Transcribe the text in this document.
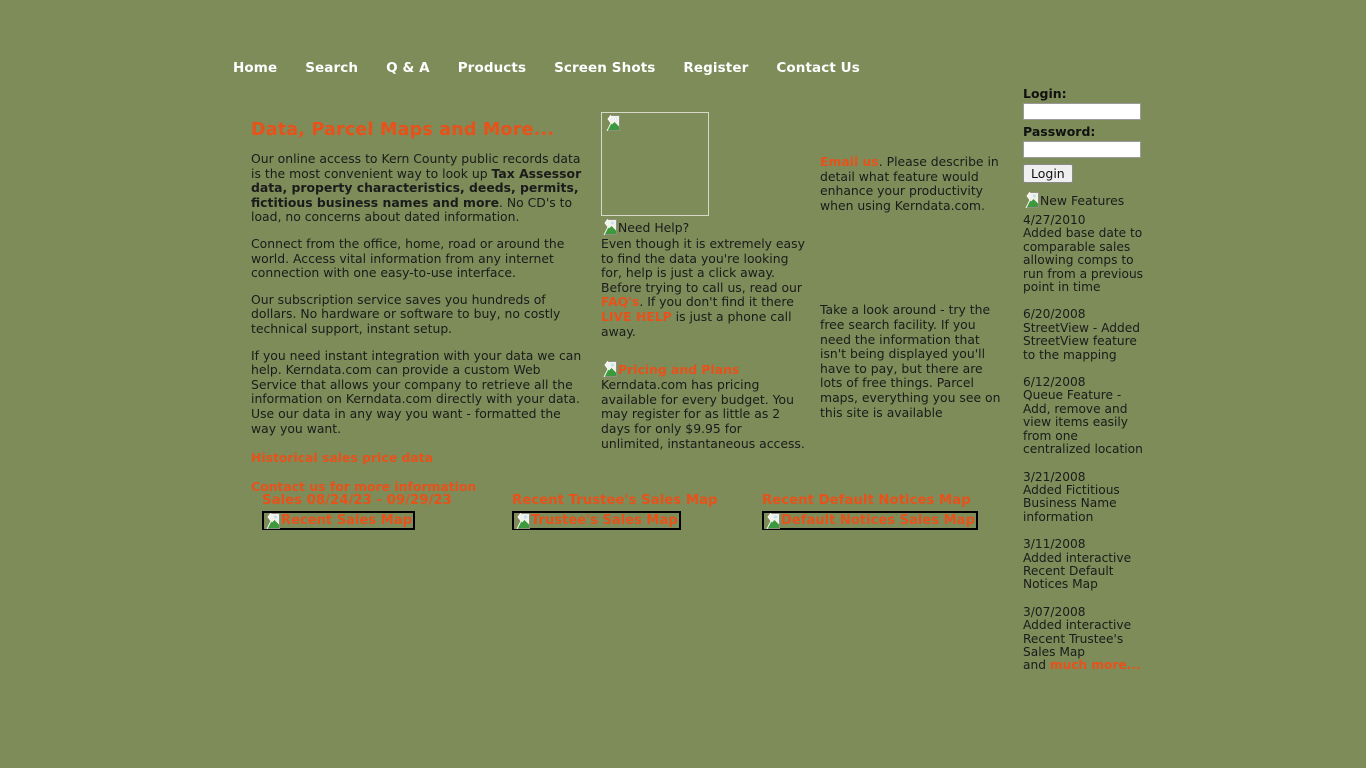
Home Search Q & A Products Screen Shots Register Contact Us
Data, Parcel Maps and More...

Our online access to Kern County public records data is the most convenient way to look up Tax Assessor data, property characteristics, deeds, permits, fictitious business names and more. No CD's to load, no concerns about dated information.

Connect from the office, home, road or around the world. Access vital information from any internet connection with one easy-to-use interface.

Our subscription service saves you hundreds of dollars. No hardware or software to buy, no costly technical support, instant setup.

If you need instant integration with your data we can help. Kerndata.com can provide a custom Web Service that allows your company to retrieve all the information on Kerndata.com directly with your data. Use our data in any way you want - formatted the way you want.

Historical sales price data
Contact us for more information
Need Help?

Even though it is extremely easy to find the data you're looking for, help is just a click away. Before trying to call us, read our FAQ's. If you don't find it there LIVE HELP is just a phone call away.

Pricing and Plans

Kerndata.com has pricing available for every budget. You may register for as little as 2 days for only $9.95 for unlimited, instantaneous access.

Email us. Please describe in detail what feature would enhance your productivity when using Kerndata.com.

Take a look around - try the free search facility. If you need the information that isn't being displayed you'll have to pay, but there are lots of free things. Parcel maps, everything you see on this site is available

Login:
Password:
Login
New Features
4/27/2010
Added base date to comparable sales allowing comps to run from a previous point in time
6/20/2008
StreetView - Added StreetView feature to the mapping
6/12/2008
Queue Feature - Add, remove and view items easily from one centralized location
3/21/2008
Added Fictitious Business Name information
3/11/2008
Added interactive Recent Default Notices Map
3/07/2008
Added interactive Recent Trustee's Sales Map
and much more...
Sales 08/24/23 - 09/29/23
Recent Sales Map
Recent Trustee's Sales Map
Trustee's Sales Map
Recent Default Notices Map
Default Notices Sales Map
